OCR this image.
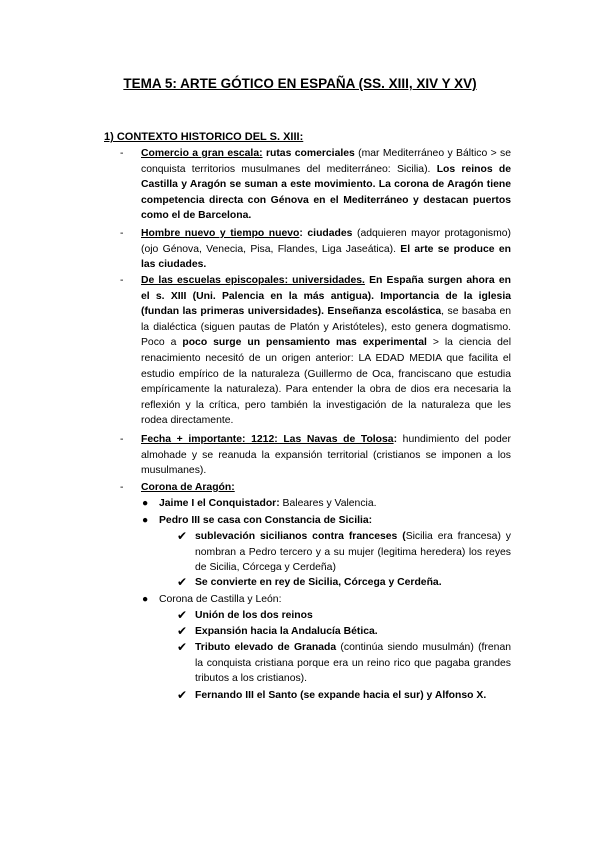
TEMA 5: ARTE GÓTICO EN ESPAÑA (SS. XIII, XIV Y XV)
1) CONTEXTO HISTORICO DEL S. XIII:
- Comercio a gran escala: rutas comerciales (mar Mediterráneo y Báltico > se conquista territorios musulmanes del mediterráneo: Sicilia). Los reinos de Castilla y Aragón se suman a este movimiento. La corona de Aragón tiene competencia directa con Génova en el Mediterráneo y destacan puertos como el de Barcelona.
- Hombre nuevo y tiempo nuevo: ciudades (adquieren mayor protagonismo) (ojo Génova, Venecia, Pisa, Flandes, Liga Jaseática). El arte se produce en las ciudades.
- De las escuelas episcopales: universidades. En España surgen ahora en el s. XIII (Uni. Palencia en la más antigua). Importancia de la iglesia (fundan las primeras universidades). Enseñanza escolástica, se basaba en la dialéctica (siguen pautas de Platón y Aristóteles), esto genera dogmatismo. Poco a poco surge un pensamiento mas experimental > la ciencia del renacimiento necesitó de un origen anterior: LA EDAD MEDIA que facilita el estudio empírico de la naturaleza (Guillermo de Oca, franciscano que estudia empíricamente la naturaleza). Para entender la obra de dios era necesaria la reflexión y la crítica, pero también la investigación de la naturaleza que les rodea directamente.
- Fecha + importante: 1212: Las Navas de Tolosa: hundimiento del poder almohade y se reanuda la expansión territorial (cristianos se imponen a los musulmanes).
- Corona de Aragón:
● Jaime I el Conquistador: Baleares y Valencia.
● Pedro III se casa con Constancia de Sicilia:
✔ sublevación sicilianos contra franceses (Sicilia era francesa) y nombran a Pedro tercero y a su mujer (legitima heredera) los reyes de Sicilia, Córcega y Cerdeña)
✔ Se convierte en rey de Sicilia, Córcega y Cerdeña.
● Corona de Castilla y León:
✔ Unión de los dos reinos
✔ Expansión hacia la Andalucía Bética.
✔ Tributo elevado de Granada (continúa siendo musulmán) (frenan la conquista cristiana porque era un reino rico que pagaba grandes tributos a los cristianos).
✔ Fernando III el Santo (se expande hacia el sur) y Alfonso X.
